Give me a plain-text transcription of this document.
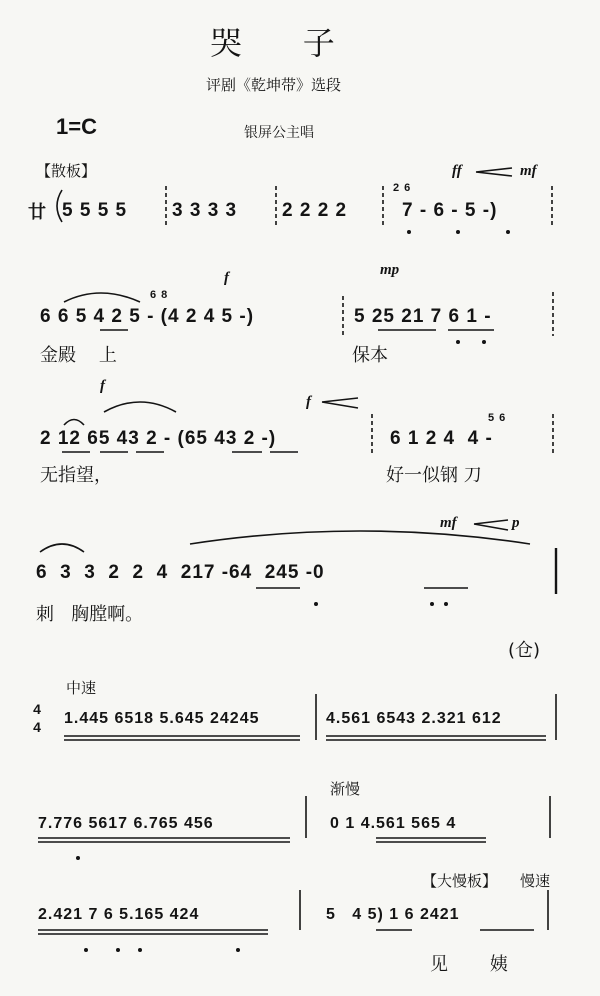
哭    子
评剧《乾坤带》选段
1=C	银屏公主唱
【散板】	ff	mf
廿 5 5 5 5 3 3 3 3 2 2 2 2	7 - 6 - 5 -)
2 6
f	mp
6 8
6 6 5 4 2 5 - (4 2 4 5 -)	5 25 21 7 6 1 -
金殿    上	保本
f
f
5 6
2 12 65 43 2 - (65 43 2 -)	6 1 2 4  4 -
无指望，	好一似钢 刀
mf	p
6  3  3  2  2  4  217 -64  245 -0
刺   胸膛啊。
(仓)
中速
4
4 1.445 6518 5.645 24245	4.561 6543 2.321 612
渐慢
7.776 5617 6.765 456	0 1 4.561 565 4
【大慢板】 慢速
2.421 7 6 5.165 424	5   4 5) 1 6 2421
见 姨
